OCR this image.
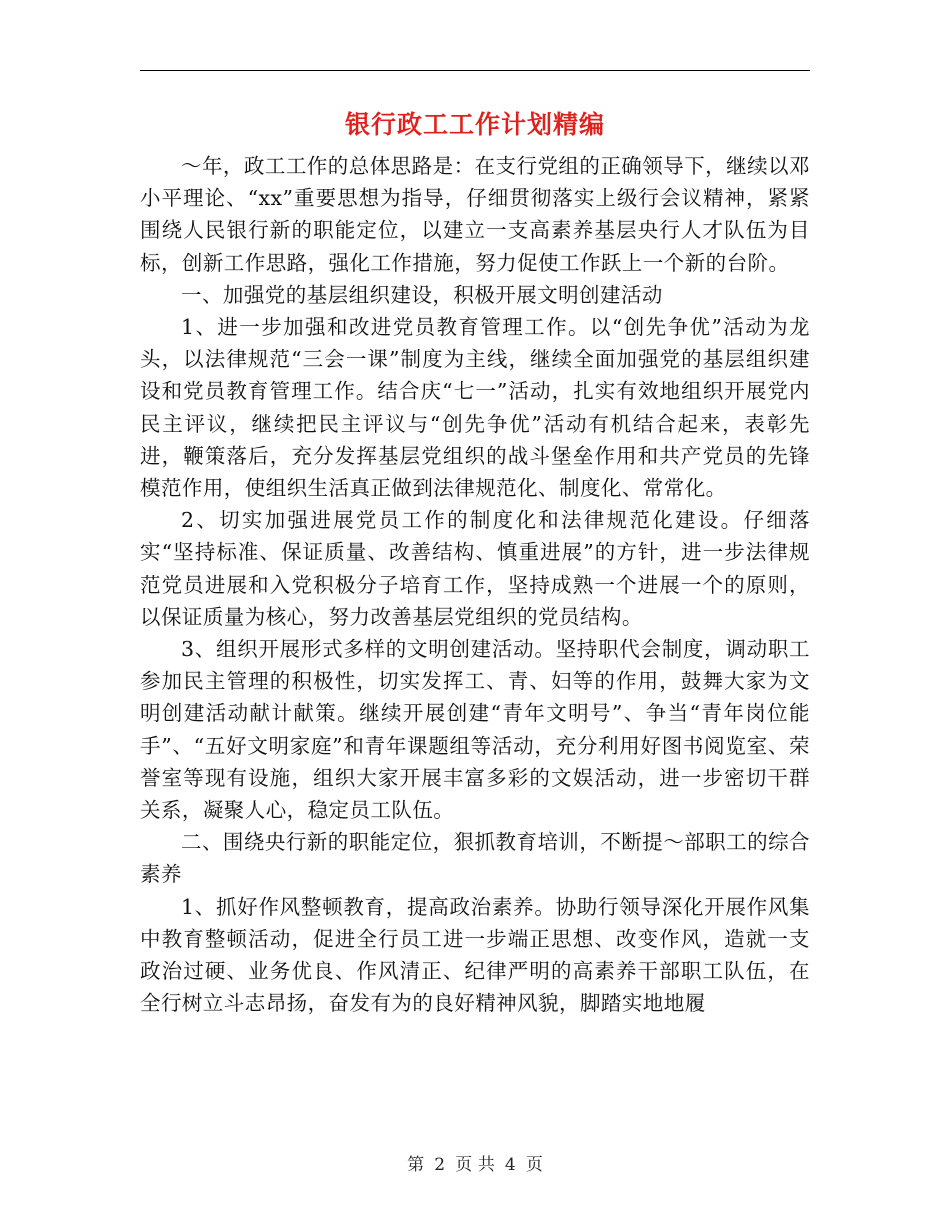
银行政工工作计划精编

～年，政工工作的总体思路是：在支行党组的正确领导下，继续以邓小平理论、“xx”重要思想为指导，仔细贯彻落实上级行会议精神，紧紧围绕人民银行新的职能定位，以建立一支高素养基层央行人才队伍为目标，创新工作思路，强化工作措施，努力促使工作跃上一个新的台阶。

一、加强党的基层组织建设，积极开展文明创建活动

1、进一步加强和改进党员教育管理工作。以“创先争优”活动为龙头，以法律规范“三会一课”制度为主线，继续全面加强党的基层组织建设和党员教育管理工作。结合庆“七一”活动，扎实有效地组织开展党内民主评议，继续把民主评议与“创先争优”活动有机结合起来，表彰先进，鞭策落后，充分发挥基层党组织的战斗堡垒作用和共产党员的先锋模范作用，使组织生活真正做到法律规范化、制度化、常常化。

2、切实加强进展党员工作的制度化和法律规范化建设。仔细落实“坚持标准、保证质量、改善结构、慎重进展”的方针，进一步法律规范党员进展和入党积极分子培育工作，坚持成熟一个进展一个的原则，以保证质量为核心，努力改善基层党组织的党员结构。

3、组织开展形式多样的文明创建活动。坚持职代会制度，调动职工参加民主管理的积极性，切实发挥工、青、妇等的作用，鼓舞大家为文明创建活动献计献策。继续开展创建“青年文明号”、争当“青年岗位能手”、“五好文明家庭”和青年课题组等活动，充分利用好图书阅览室、荣誉室等现有设施，组织大家开展丰富多彩的文娱活动，进一步密切干群关系，凝聚人心，稳定员工队伍。

二、围绕央行新的职能定位，狠抓教育培训，不断提～部职工的综合素养

1、抓好作风整顿教育，提高政治素养。协助行领导深化开展作风集中教育整顿活动，促进全行员工进一步端正思想、改变作风，造就一支政治过硬、业务优良、作风清正、纪律严明的高素养干部职工队伍，在全行树立斗志昂扬，奋发有为的良好精神风貌，脚踏实地地履

第 2 页 共 4 页
